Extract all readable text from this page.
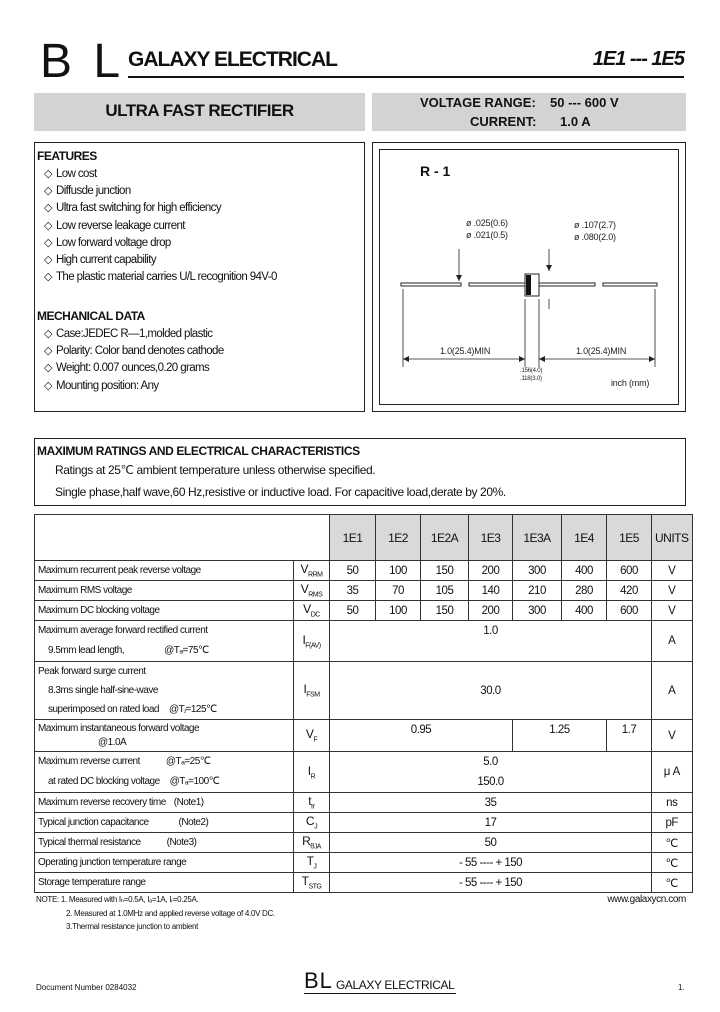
B L GALAXY ELECTRICAL	1E1 --- 1E5
ULTRA FAST RECTIFIER	VOLTAGE RANGE: 50 --- 600 V
CURRENT: 1.0 A
FEATURES
◇ Low cost
◇ Diffusde junction
◇ Ultra fast switching for high efficiency
◇ Low reverse leakage current
◇ Low forward voltage drop
◇ High current capability
◇ The plastic material carries U/L recognition 94V-0
MECHANICAL DATA
◇ Case:JEDEC R—1,molded plastic
◇ Polarity: Color band denotes cathode
◇ Weight: 0.007 ounces,0.20 grams
◇ Mounting position: Any
R - 1
ø .025(0.6)
ø .021(0.5)
ø .107(2.7)
ø .080(2.0)
1.0(25.4)MIN	1.0(25.4)MIN
.156(4.0)
.118(3.0)	inch (mm)
MAXIMUM RATINGS AND ELECTRICAL CHARACTERISTICS
Ratings at 25℃ ambient temperature unless otherwise specified.
Single phase,half wave,60 Hz,resistive or inductive load. For capacitive load,derate by 20%.
		1E1	1E2	1E2A	1E3	1E3A	1E4	1E5	UNITS
Maximum recurrent peak reverse voltage	$V_{RRM}$	50	100	150	200	300	400	600	V
Maximum RMS voltage	$V_{RMS}$	35	70	105	140	210	280	420	V
Maximum DC blocking voltage	$V_{DC}$	50	100	150	200	300	400	600	V

Maximum average forward rectified current
9.5mm lead length, @Tₐ=75℃	$I_{F(AV)}$	1.0							A

Peak forward surge current
8.3ms single half-sine-wave
superimposed on rated load @Tⱼ=125℃	$I_{FSM}$	30.0							A

Maximum instantaneous forward voltage
@1.0A	$V_F$	0.95				1.25		1.7	V

Maximum reverse current @Tₐ=25℃
at rated DC blocking voltage @Tₐ=100℃	$I_R$	5.0
150.0							μ A
Maximum reverse recovery time (Note1)	$t_{rr}$	35							ns
Typical junction capacitance (Note2)	$C_J$	17							pF
Typical thermal resistance (Note3)	$R_{\theta JA}$	50							℃
Operating junction temperature range	$T_J$	- 55 ---- + 150							℃
Storage temperature range	$T_{STG}$	- 55 ---- + 150							℃
NOTE: 1. Measured with Iₕ=0.5A, Iₐ=1A, Iᵣ=0.25A.
2. Measured at 1.0MHz and applied reverse voltage of 4.0V DC.
3.Thermal resistance junction to ambient
www.galaxycn.com
Document Number 0284032	BL GALAXY ELECTRICAL	1.
